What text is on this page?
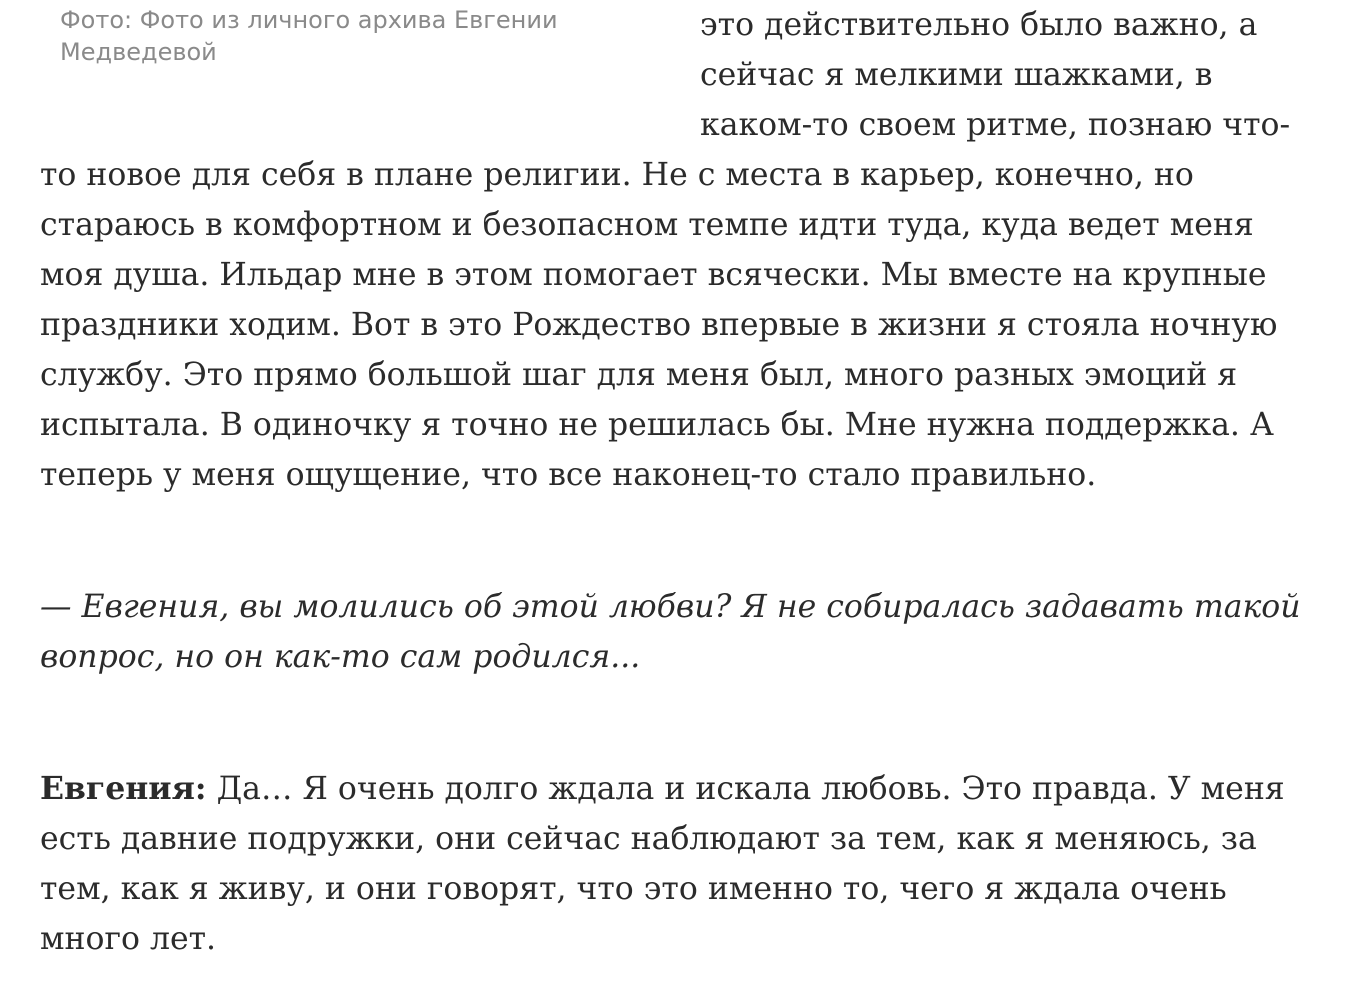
Фото: Фото из личного архива Евгении Медведевой

это действительно было важно, а сейчас я мелкими шажками, в каком-то своем ритме, познаю что-то новое для себя в плане религии. Не с места в карьер, конечно, но стараюсь в комфортном и безопасном темпе идти туда, куда ведет меня моя душа. Ильдар мне в этом помогает всячески. Мы вместе на крупные праздники ходим. Вот в это Рождество впервые в жизни я стояла ночную службу. Это прямо большой шаг для меня был, много разных эмоций я испытала. В одиночку я точно не решилась бы. Мне нужна поддержка. А теперь у меня ощущение, что все наконец-то стало правильно.

— Евгения, вы молились об этой любви? Я не собиралась задавать такой вопрос, но он как-то сам родился...

Евгения: Да… Я очень долго ждала и искала любовь. Это правда. У меня есть давние подружки, они сейчас наблюдают за тем, как я меняюсь, за тем, как я живу, и они говорят, что это именно то, чего я ждала очень много лет.
